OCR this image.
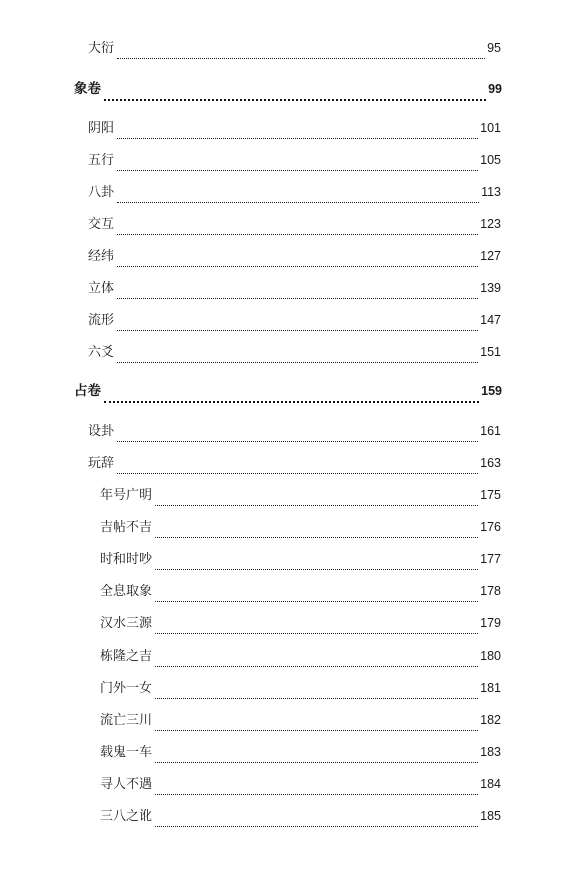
大衍	95
象卷	99
阴阳	101
五行	105
八卦	113
交互	123
经纬	127
立体	139
流形	147
六爻	151
占卷	159
设卦	161
玩辞	163
年号广明	175
吉帖不吉	176
时和时吵	177
全息取象	178
汉水三源	179
栋隆之吉	180
门外一女	181
流亡三川	182
载鬼一车	183
寻人不遇	184
三八之讹	185
